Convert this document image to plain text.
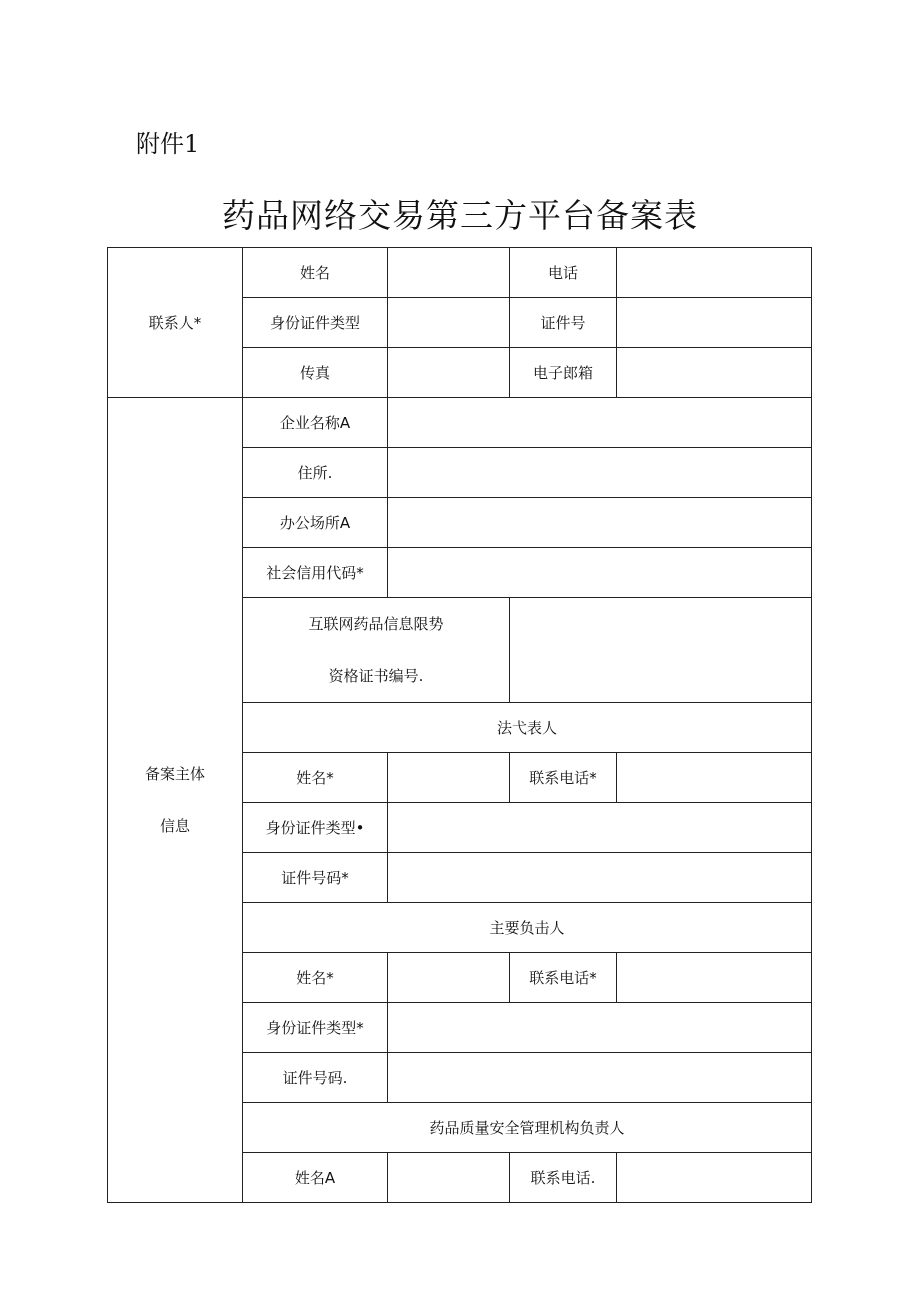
附件1
药品网络交易第三方平台备案表
联系人*	姓名		电话	
	身份证件类型		证件号	
	传真		电子郎箱	

备案主体
信息	企业名称A			
	住所.			
	办公场所A			
	社会信用代码*			

	互联网药品信息限势
资格证书编号.			

	法弋表人			
	姓名*		联系电话*	
	身份证件类型•			
	证件号码*			
	主要负击人			
	姓名*		联系电话*	
	身份证件类型*			
	证件号码.			
	药品质量安全管理机构负责人			
	姓名A		联系电话.	
